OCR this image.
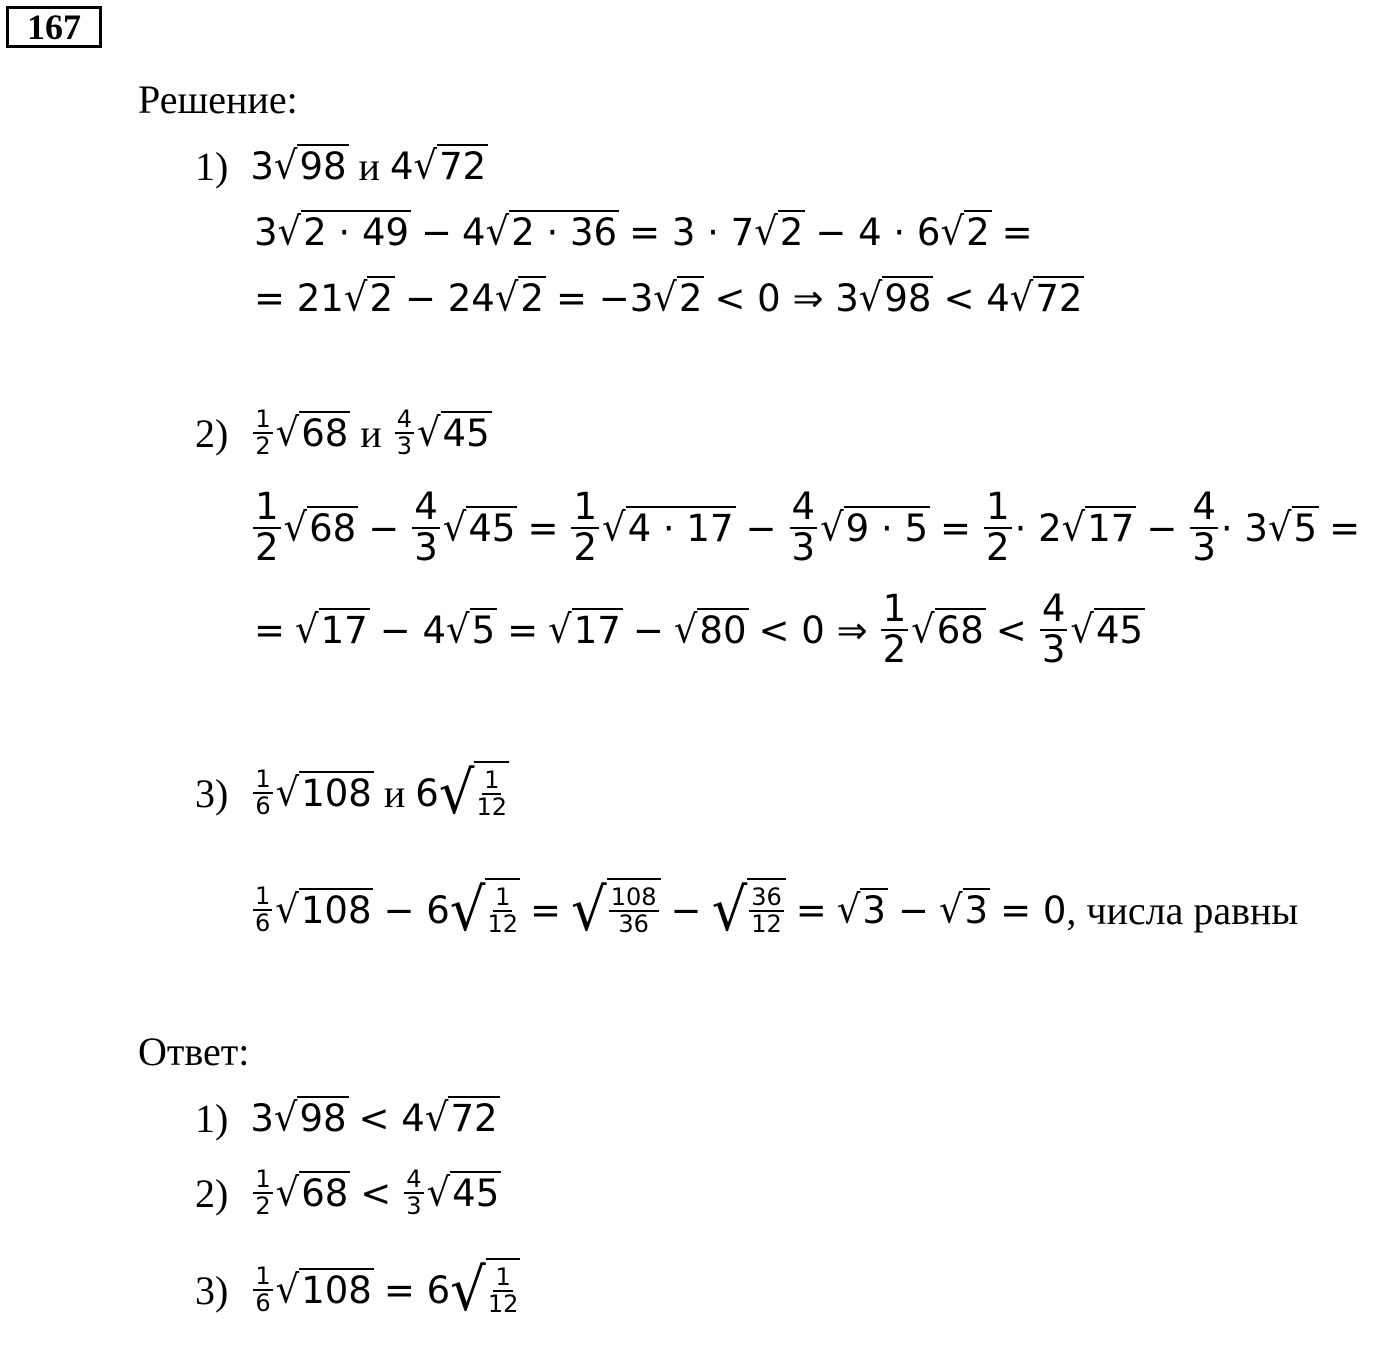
167
Решение:
1) 3 √ 98 и 4 √ 72
3 √ 2 · 49 − 4 √ 2 · 36 = 3 · 7 √ 2 − 4 · 6 √ 2 =
= 21 √ 2 − 24 √ 2 = −3 √ 2 < 0 ⇒ 3 √ 98 < 4 √ 72
$2) \frac{1}{2}$ √ 68 и $\frac{4}{3}$ √ 45
$\frac{1}{2}$ √ $68 - \frac{4}{3}$ √ $45 = \frac{1}{2}$ √ $4 \cdot 17 - \frac{4}{3}$ √ $9 \cdot 5 = \frac{1}{2} \cdot 2$ √ $17 - \frac{4}{3} \cdot 3$ √ 5 =
= √ 17 − 4 √ 5 = √ 17 − √ 80 < 0 ⇒ $\frac{1}{2}$ √ $68 < \frac{4}{3}$ √ 45
$3) \frac{1}{6}$ √ 108 и 6 √ $\frac{1}{12}$
$\frac{1}{6}$ √ 108 − 6 √ $\frac{1}{12}$ = √ $\frac{108}{36}$ − √ $\frac{36}{12}$ = √ 3 − √ 3 = 0 , числа равны
Ответ:
1) 3 √ 98 < 4 √ 72
$2) \frac{1}{2}$ √ $68 < \frac{4}{3}$ √ 45
$3) \frac{1}{6}$ √ 108 = 6 √ $\frac{1}{12}$
